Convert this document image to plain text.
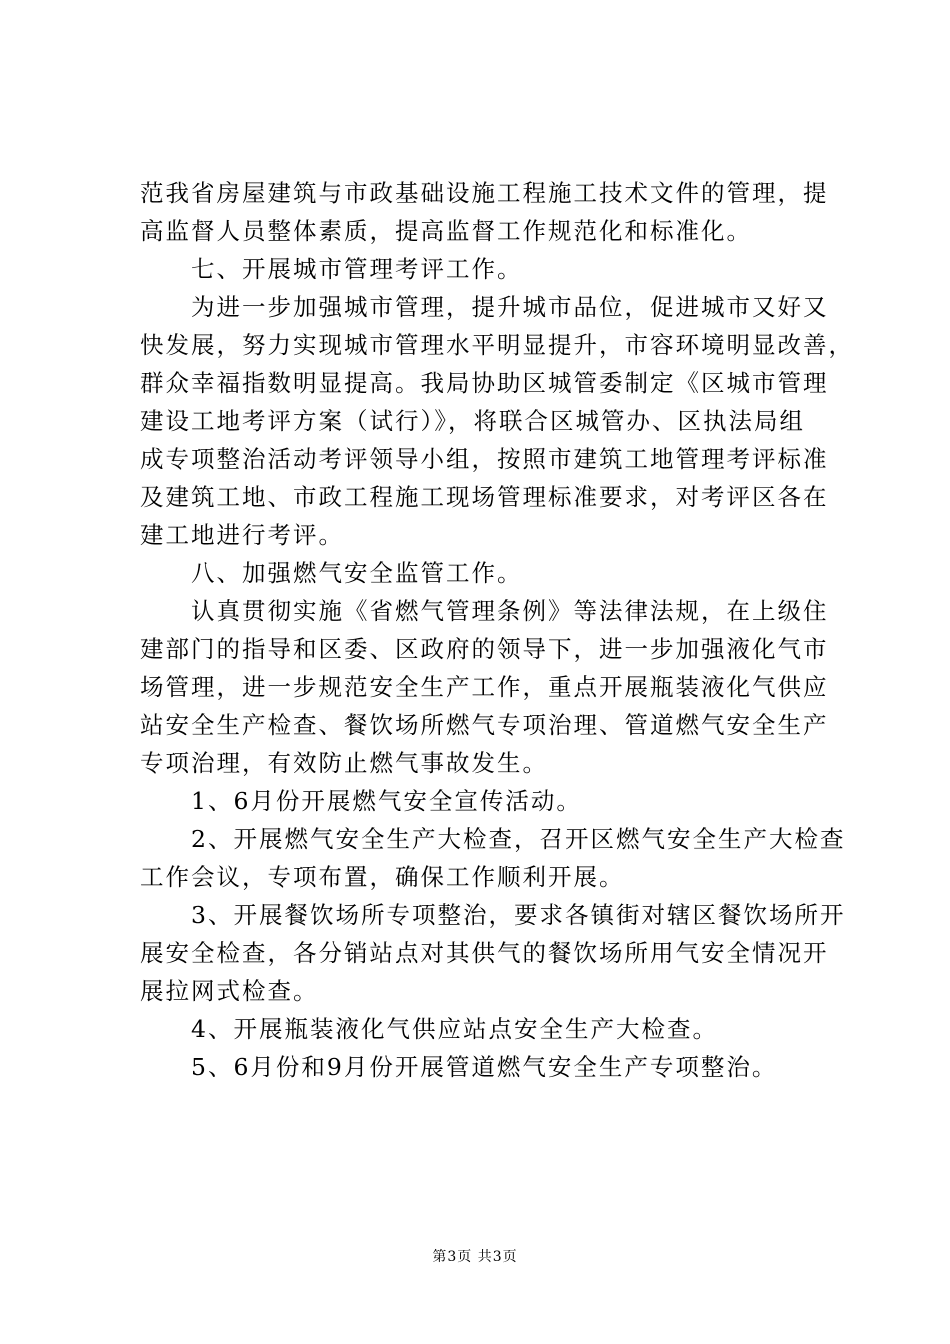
范我省房屋建筑与市政基础设施工程施工技术文件的管理，提
高监督人员整体素质，提高监督工作规范化和标准化。
　　七、开展城市管理考评工作。
　　为进一步加强城市管理，提升城市品位，促进城市又好又
快发展，努力实现城市管理水平明显提升，市容环境明显改善，
群众幸福指数明显提高。我局协助区城管委制定《区城市管理
建设工地考评方案（试行）》，将联合区城管办、区执法局组
成专项整治活动考评领导小组，按照市建筑工地管理考评标准
及建筑工地、市政工程施工现场管理标准要求，对考评区各在
建工地进行考评。
　　八、加强燃气安全监管工作。
　　认真贯彻实施《省燃气管理条例》等法律法规，在上级住
建部门的指导和区委、区政府的领导下，进一步加强液化气市
场管理，进一步规范安全生产工作，重点开展瓶装液化气供应
站安全生产检查、餐饮场所燃气专项治理、管道燃气安全生产
专项治理，有效防止燃气事故发生。
　　1、6月份开展燃气安全宣传活动。
　　2、开展燃气安全生产大检查，召开区燃气安全生产大检查
工作会议，专项布置，确保工作顺利开展。
　　3、开展餐饮场所专项整治，要求各镇街对辖区餐饮场所开
展安全检查，各分销站点对其供气的餐饮场所用气安全情况开
展拉网式检查。
　　4、开展瓶装液化气供应站点安全生产大检查。
　　5、6月份和9月份开展管道燃气安全生产专项整治。
第3页 共3页
